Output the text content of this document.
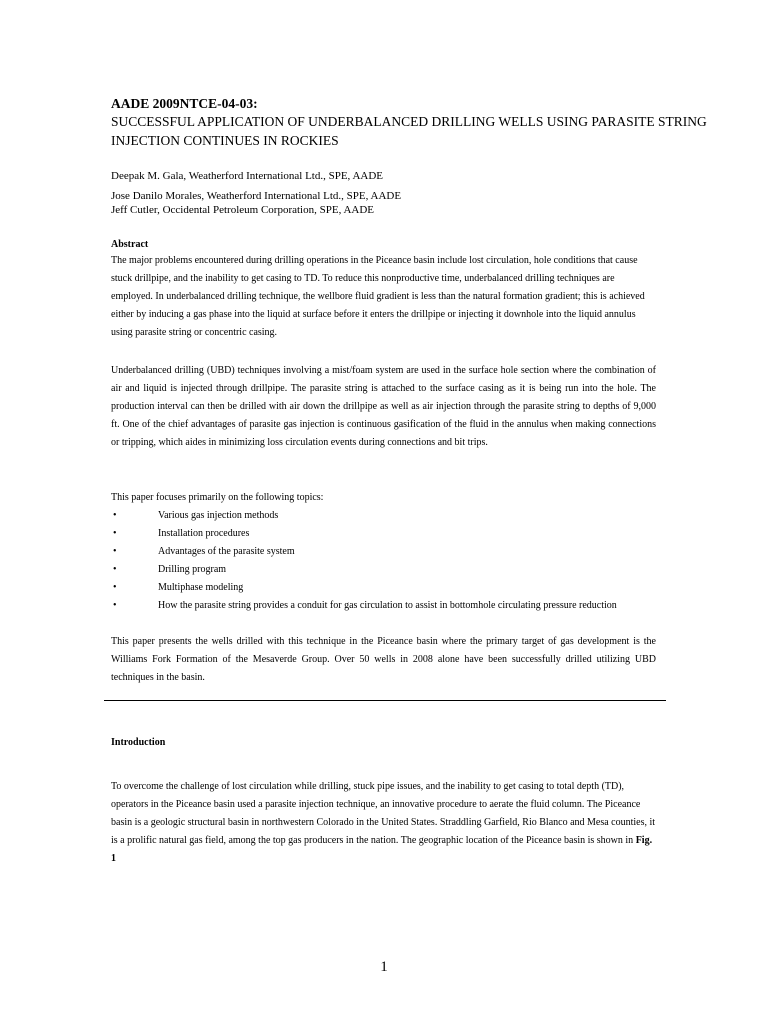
AADE 2009NTCE-04-03:
SUCCESSFUL APPLICATION OF UNDERBALANCED DRILLING WELLS USING PARASITE STRING INJECTION CONTINUES IN ROCKIES
Deepak M. Gala, Weatherford International Ltd., SPE, AADE
Jose Danilo Morales, Weatherford International Ltd., SPE, AADE
Jeff Cutler, Occidental Petroleum Corporation, SPE, AADE
Abstract
The major problems encountered during drilling operations in the Piceance basin include lost circulation, hole conditions that cause stuck drillpipe, and the inability to get casing to TD. To reduce this nonproductive time, underbalanced drilling techniques are employed. In underbalanced drilling technique, the wellbore fluid gradient is less than the natural formation gradient; this is achieved either by inducing a gas phase into the liquid at surface before it enters the drillpipe or injecting it downhole into the liquid annulus using parasite string or concentric casing.
Underbalanced drilling (UBD) techniques involving a mist/foam system are used in the surface hole section where the combination of air and liquid is injected through drillpipe. The parasite string is attached to the surface casing as it is being run into the hole. The production interval can then be drilled with air down the drillpipe as well as air injection through the parasite string to depths of 9,000 ft. One of the chief advantages of parasite gas injection is continuous gasification of the fluid in the annulus when making connections or tripping, which aides in minimizing loss circulation events during connections and bit trips.
This paper focuses primarily on the following topics:
•	Various gas injection methods
•	Installation procedures
•	Advantages of the parasite system
•	Drilling program
•	Multiphase modeling
•	How the parasite string provides a conduit for gas circulation to assist in bottomhole circulating pressure reduction
This paper presents the wells drilled with this technique in the Piceance basin where the primary target of gas development is the Williams Fork Formation of the Mesaverde Group. Over 50 wells in 2008 alone have been successfully drilled utilizing UBD techniques in the basin.
Introduction
To overcome the challenge of lost circulation while drilling, stuck pipe issues, and the inability to get casing to total depth (TD), operators in the Piceance basin used a parasite injection technique, an innovative procedure to aerate the fluid column. The Piceance basin is a geologic structural basin in northwestern Colorado in the United States. Straddling Garfield, Rio Blanco and Mesa counties, it is a prolific natural gas field, among the top gas producers in the nation. The geographic location of the Piceance basin is shown in Fig. 1
1
